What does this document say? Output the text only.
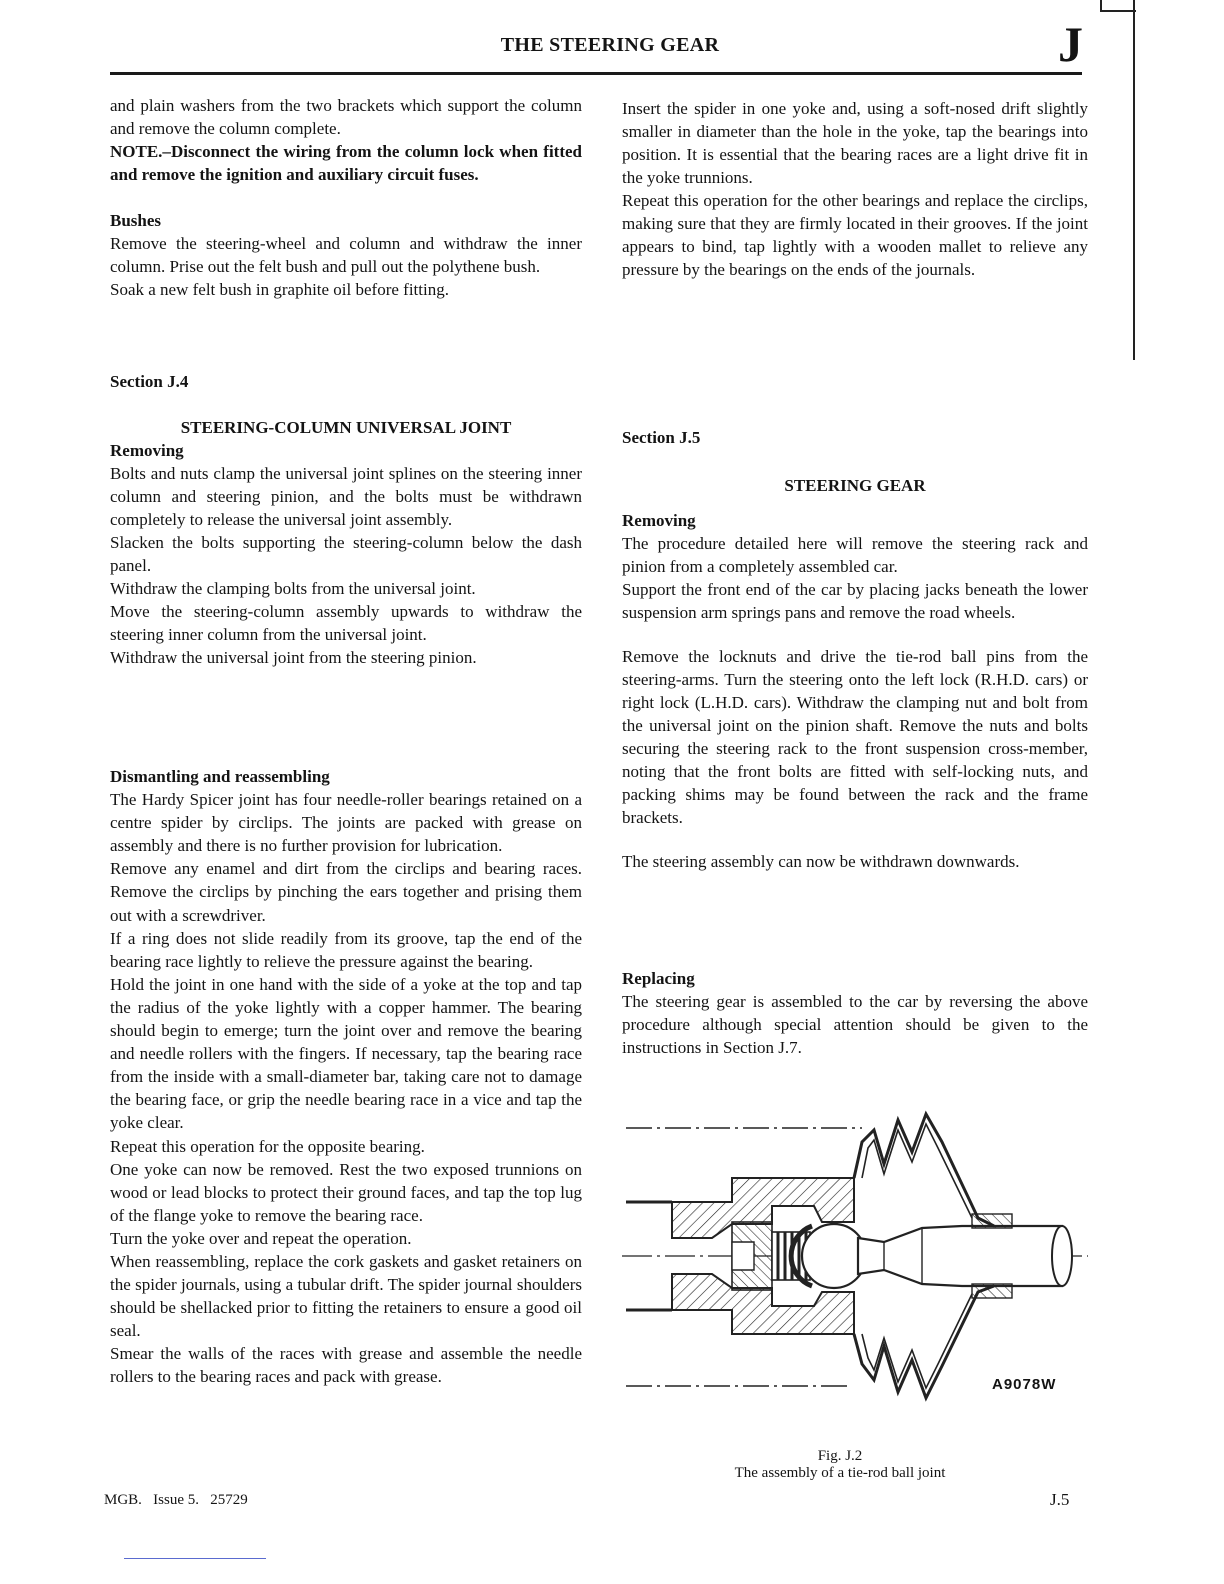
THE STEERING GEAR	J

and plain washers from the two brackets which support the column and remove the column complete.

NOTE.–Disconnect the wiring from the column lock when fitted and remove the ignition and auxiliary circuit fuses.

Bushes

Remove the steering-wheel and column and withdraw the inner column. Prise out the felt bush and pull out the polythene bush.

Soak a new felt bush in graphite oil before fitting.

Section J.4
STEERING-COLUMN UNIVERSAL JOINT
Removing

Bolts and nuts clamp the universal joint splines on the steering inner column and steering pinion, and the bolts must be withdrawn completely to release the universal joint assembly.

Slacken the bolts supporting the steering-column below the dash panel.

Withdraw the clamping bolts from the universal joint.

Move the steering-column assembly upwards to withdraw the steering inner column from the universal joint.

Withdraw the universal joint from the steering pinion.

Dismantling and reassembling

The Hardy Spicer joint has four needle-roller bearings retained on a centre spider by circlips. The joints are packed with grease on assembly and there is no further provision for lubrication.

Remove any enamel and dirt from the circlips and bearing races. Remove the circlips by pinching the ears together and prising them out with a screwdriver.

If a ring does not slide readily from its groove, tap the end of the bearing race lightly to relieve the pressure against the bearing.

Hold the joint in one hand with the side of a yoke at the top and tap the radius of the yoke lightly with a copper hammer. The bearing should begin to emerge; turn the joint over and remove the bearing and needle rollers with the fingers. If necessary, tap the bearing race from the inside with a small-diameter bar, taking care not to damage the bearing face, or grip the needle bearing race in a vice and tap the yoke clear.

Repeat this operation for the opposite bearing.

One yoke can now be removed. Rest the two exposed trunnions on wood or lead blocks to protect their ground faces, and tap the top lug of the flange yoke to remove the bearing race.

Turn the yoke over and repeat the operation.

When reassembling, replace the cork gaskets and gasket retainers on the spider journals, using a tubular drift. The spider journal shoulders should be shellacked prior to fitting the retainers to ensure a good oil seal.

Smear the walls of the races with grease and assemble the needle rollers to the bearing races and pack with grease.

Insert the spider in one yoke and, using a soft-nosed drift slightly smaller in diameter than the hole in the yoke, tap the bearings into position. It is essential that the bearing races are a light drive fit in the yoke trunnions.

Repeat this operation for the other bearings and replace the circlips, making sure that they are firmly located in their grooves. If the joint appears to bind, tap lightly with a wooden mallet to relieve any pressure by the bearings on the ends of the journals.

Section J.5
STEERING GEAR
Removing

The procedure detailed here will remove the steering rack and pinion from a completely assembled car.

Support the front end of the car by placing jacks beneath the lower suspension arm springs pans and remove the road wheels.

Remove the locknuts and drive the tie-rod ball pins from the steering-arms. Turn the steering onto the left lock (R.H.D. cars) or right lock (L.H.D. cars). Withdraw the clamping nut and bolt from the universal joint on the pinion shaft. Remove the nuts and bolts securing the steering rack to the front suspension cross-member, noting that the front bolts are fitted with self-locking nuts, and packing shims may be found between the rack and the frame brackets.

The steering assembly can now be withdrawn downwards.

Replacing

The steering gear is assembled to the car by reversing the above procedure although special attention should be given to the instructions in Section J.7.

A9078W
Fig. J.2
The assembly of a tie-rod ball joint
MGB.   Issue 5.   25729	J.5
